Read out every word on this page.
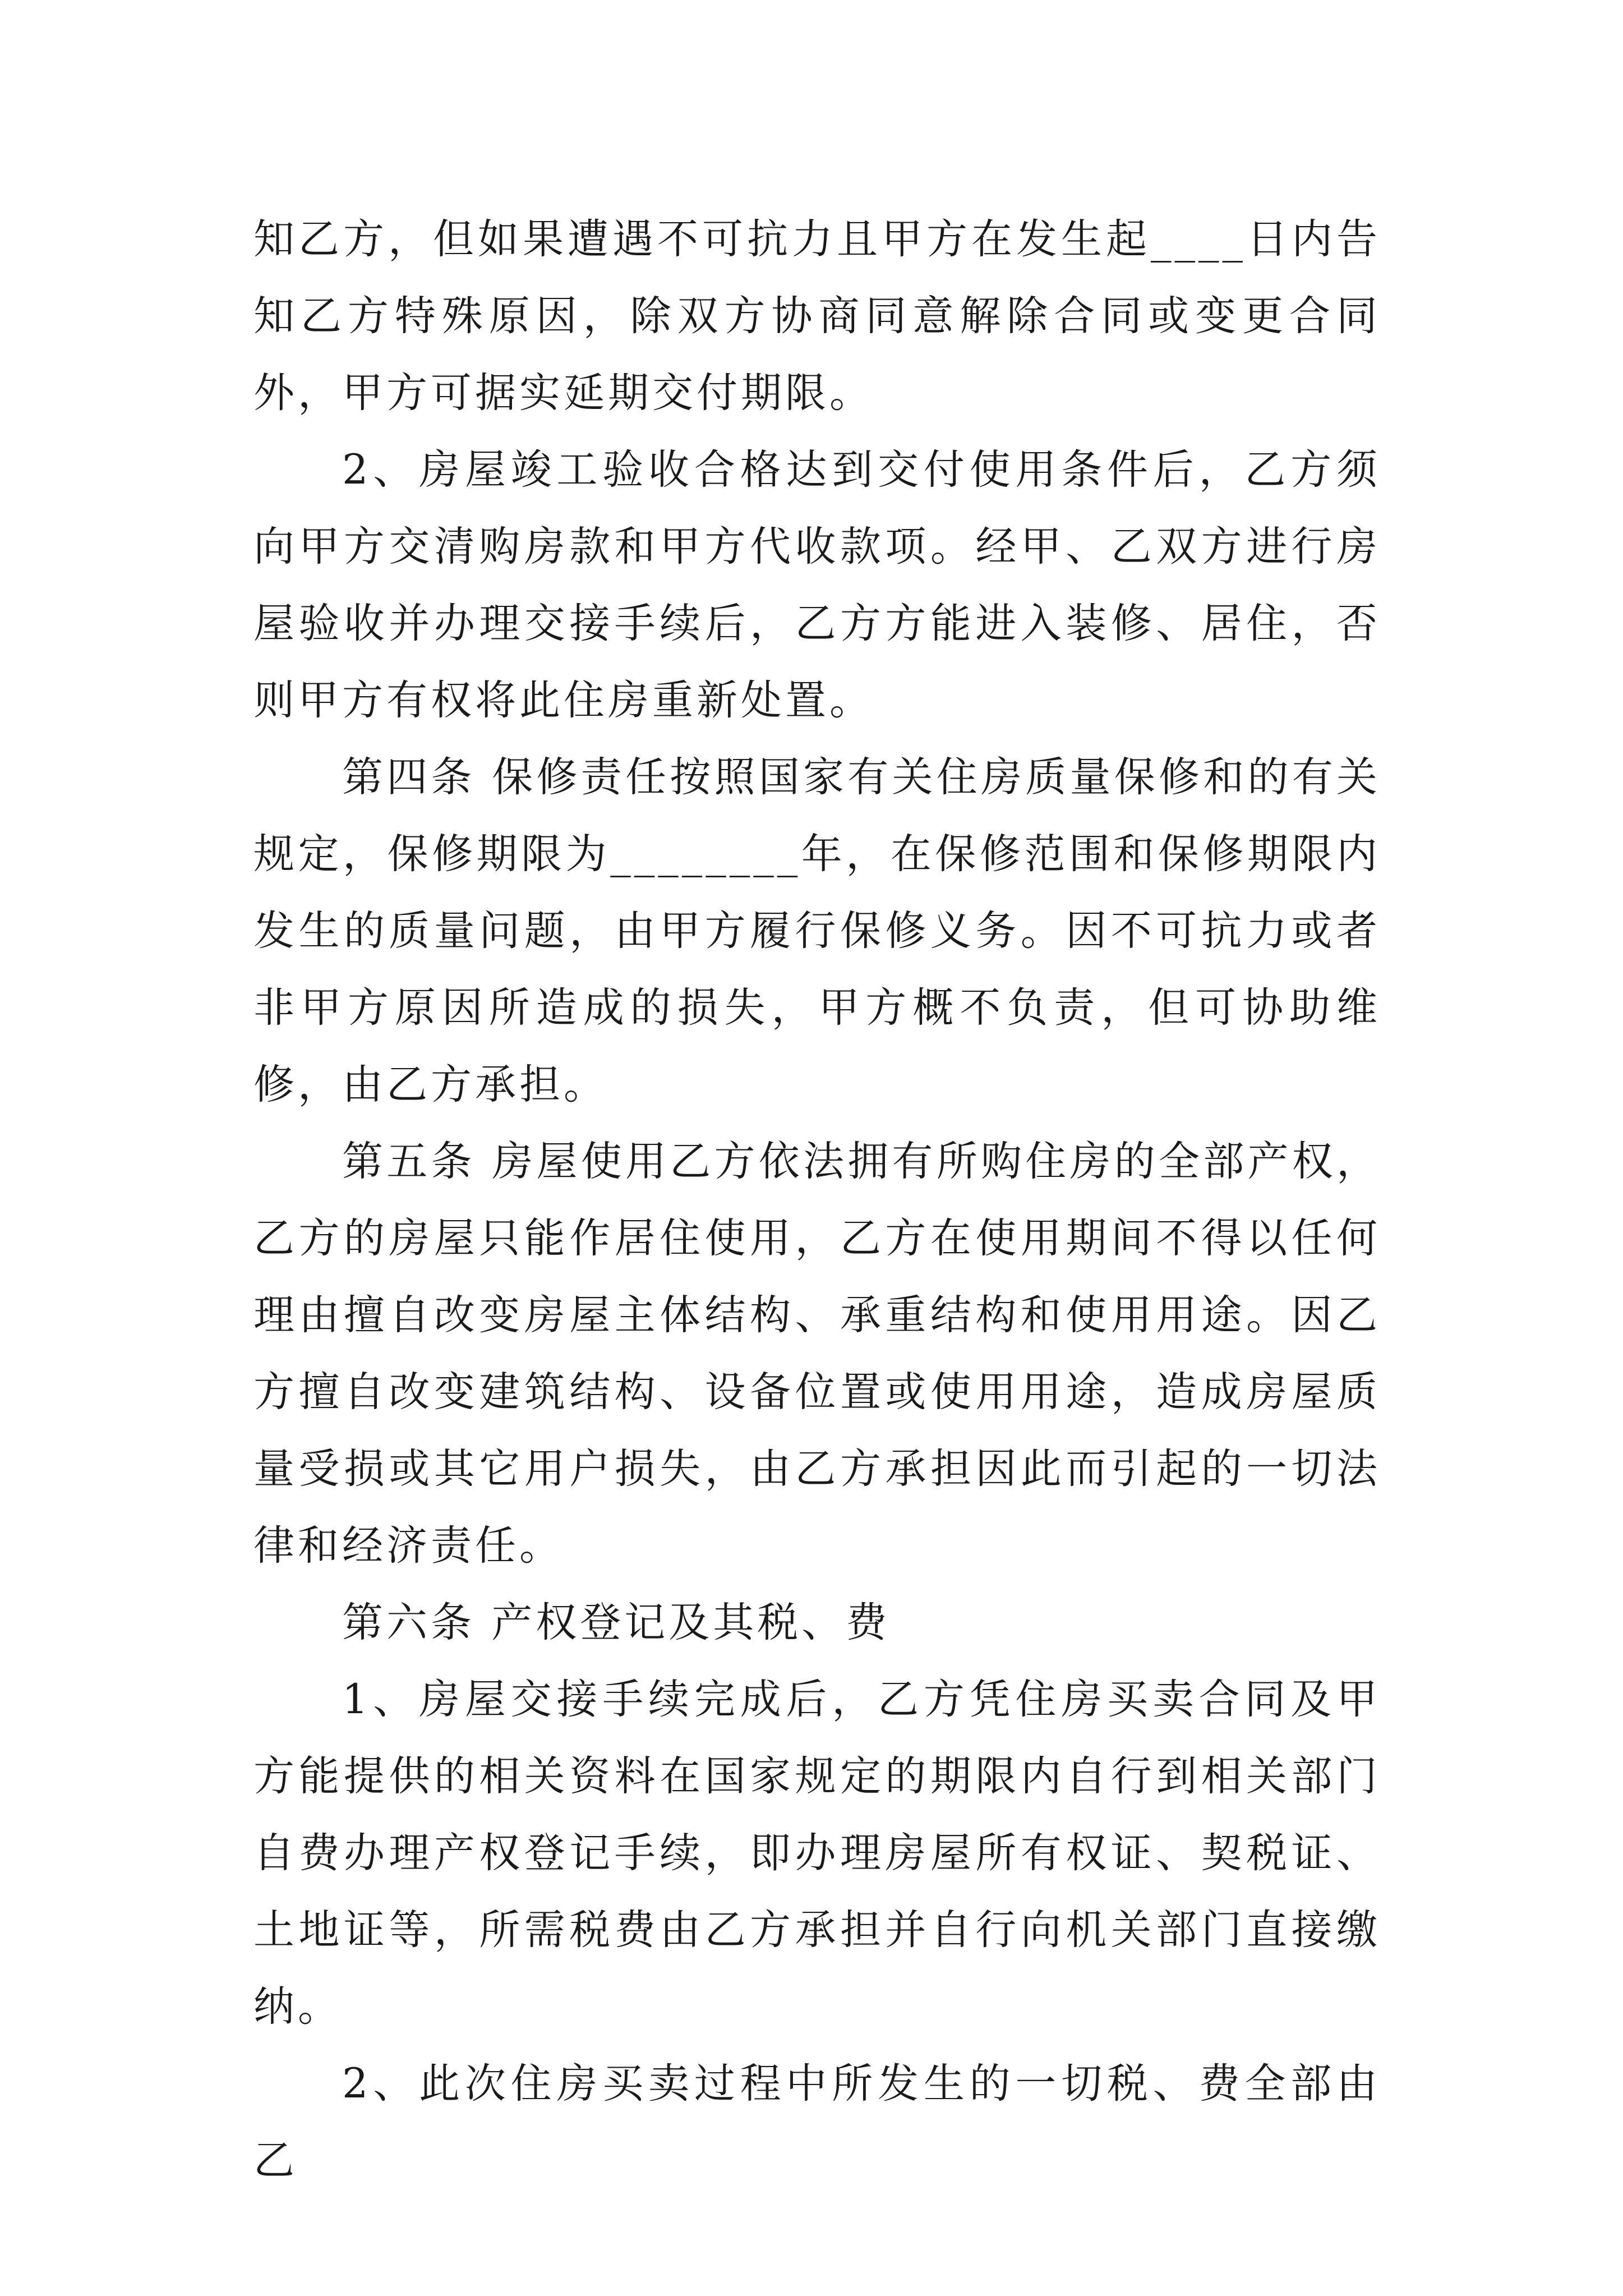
知乙方，但如果遭遇不可抗力且甲方在发生起____日内告知乙方特殊原因，除双方协商同意解除合同或变更合同外，甲方可据实延期交付期限。

2、房屋竣工验收合格达到交付使用条件后，乙方须向甲方交清购房款和甲方代收款项。经甲、乙双方进行房屋验收并办理交接手续后，乙方方能进入装修、居住，否则甲方有权将此住房重新处置。

第四条 保修责任按照国家有关住房质量保修和的有关规定，保修期限为________年，在保修范围和保修期限内发生的质量问题，由甲方履行保修义务。因不可抗力或者非甲方原因所造成的损失，甲方概不负责，但可协助维修，由乙方承担。

第五条 房屋使用乙方依法拥有所购住房的全部产权，乙方的房屋只能作居住使用，乙方在使用期间不得以任何理由擅自改变房屋主体结构、承重结构和使用用途。因乙方擅自改变建筑结构、设备位置或使用用途，造成房屋质量受损或其它用户损失，由乙方承担因此而引起的一切法律和经济责任。

第六条 产权登记及其税、费

1、房屋交接手续完成后，乙方凭住房买卖合同及甲方能提供的相关资料在国家规定的期限内自行到相关部门自费办理产权登记手续，即办理房屋所有权证、契税证、土地证等，所需税费由乙方承担并自行向机关部门直接缴纳。

2、此次住房买卖过程中所发生的一切税、费全部由乙
